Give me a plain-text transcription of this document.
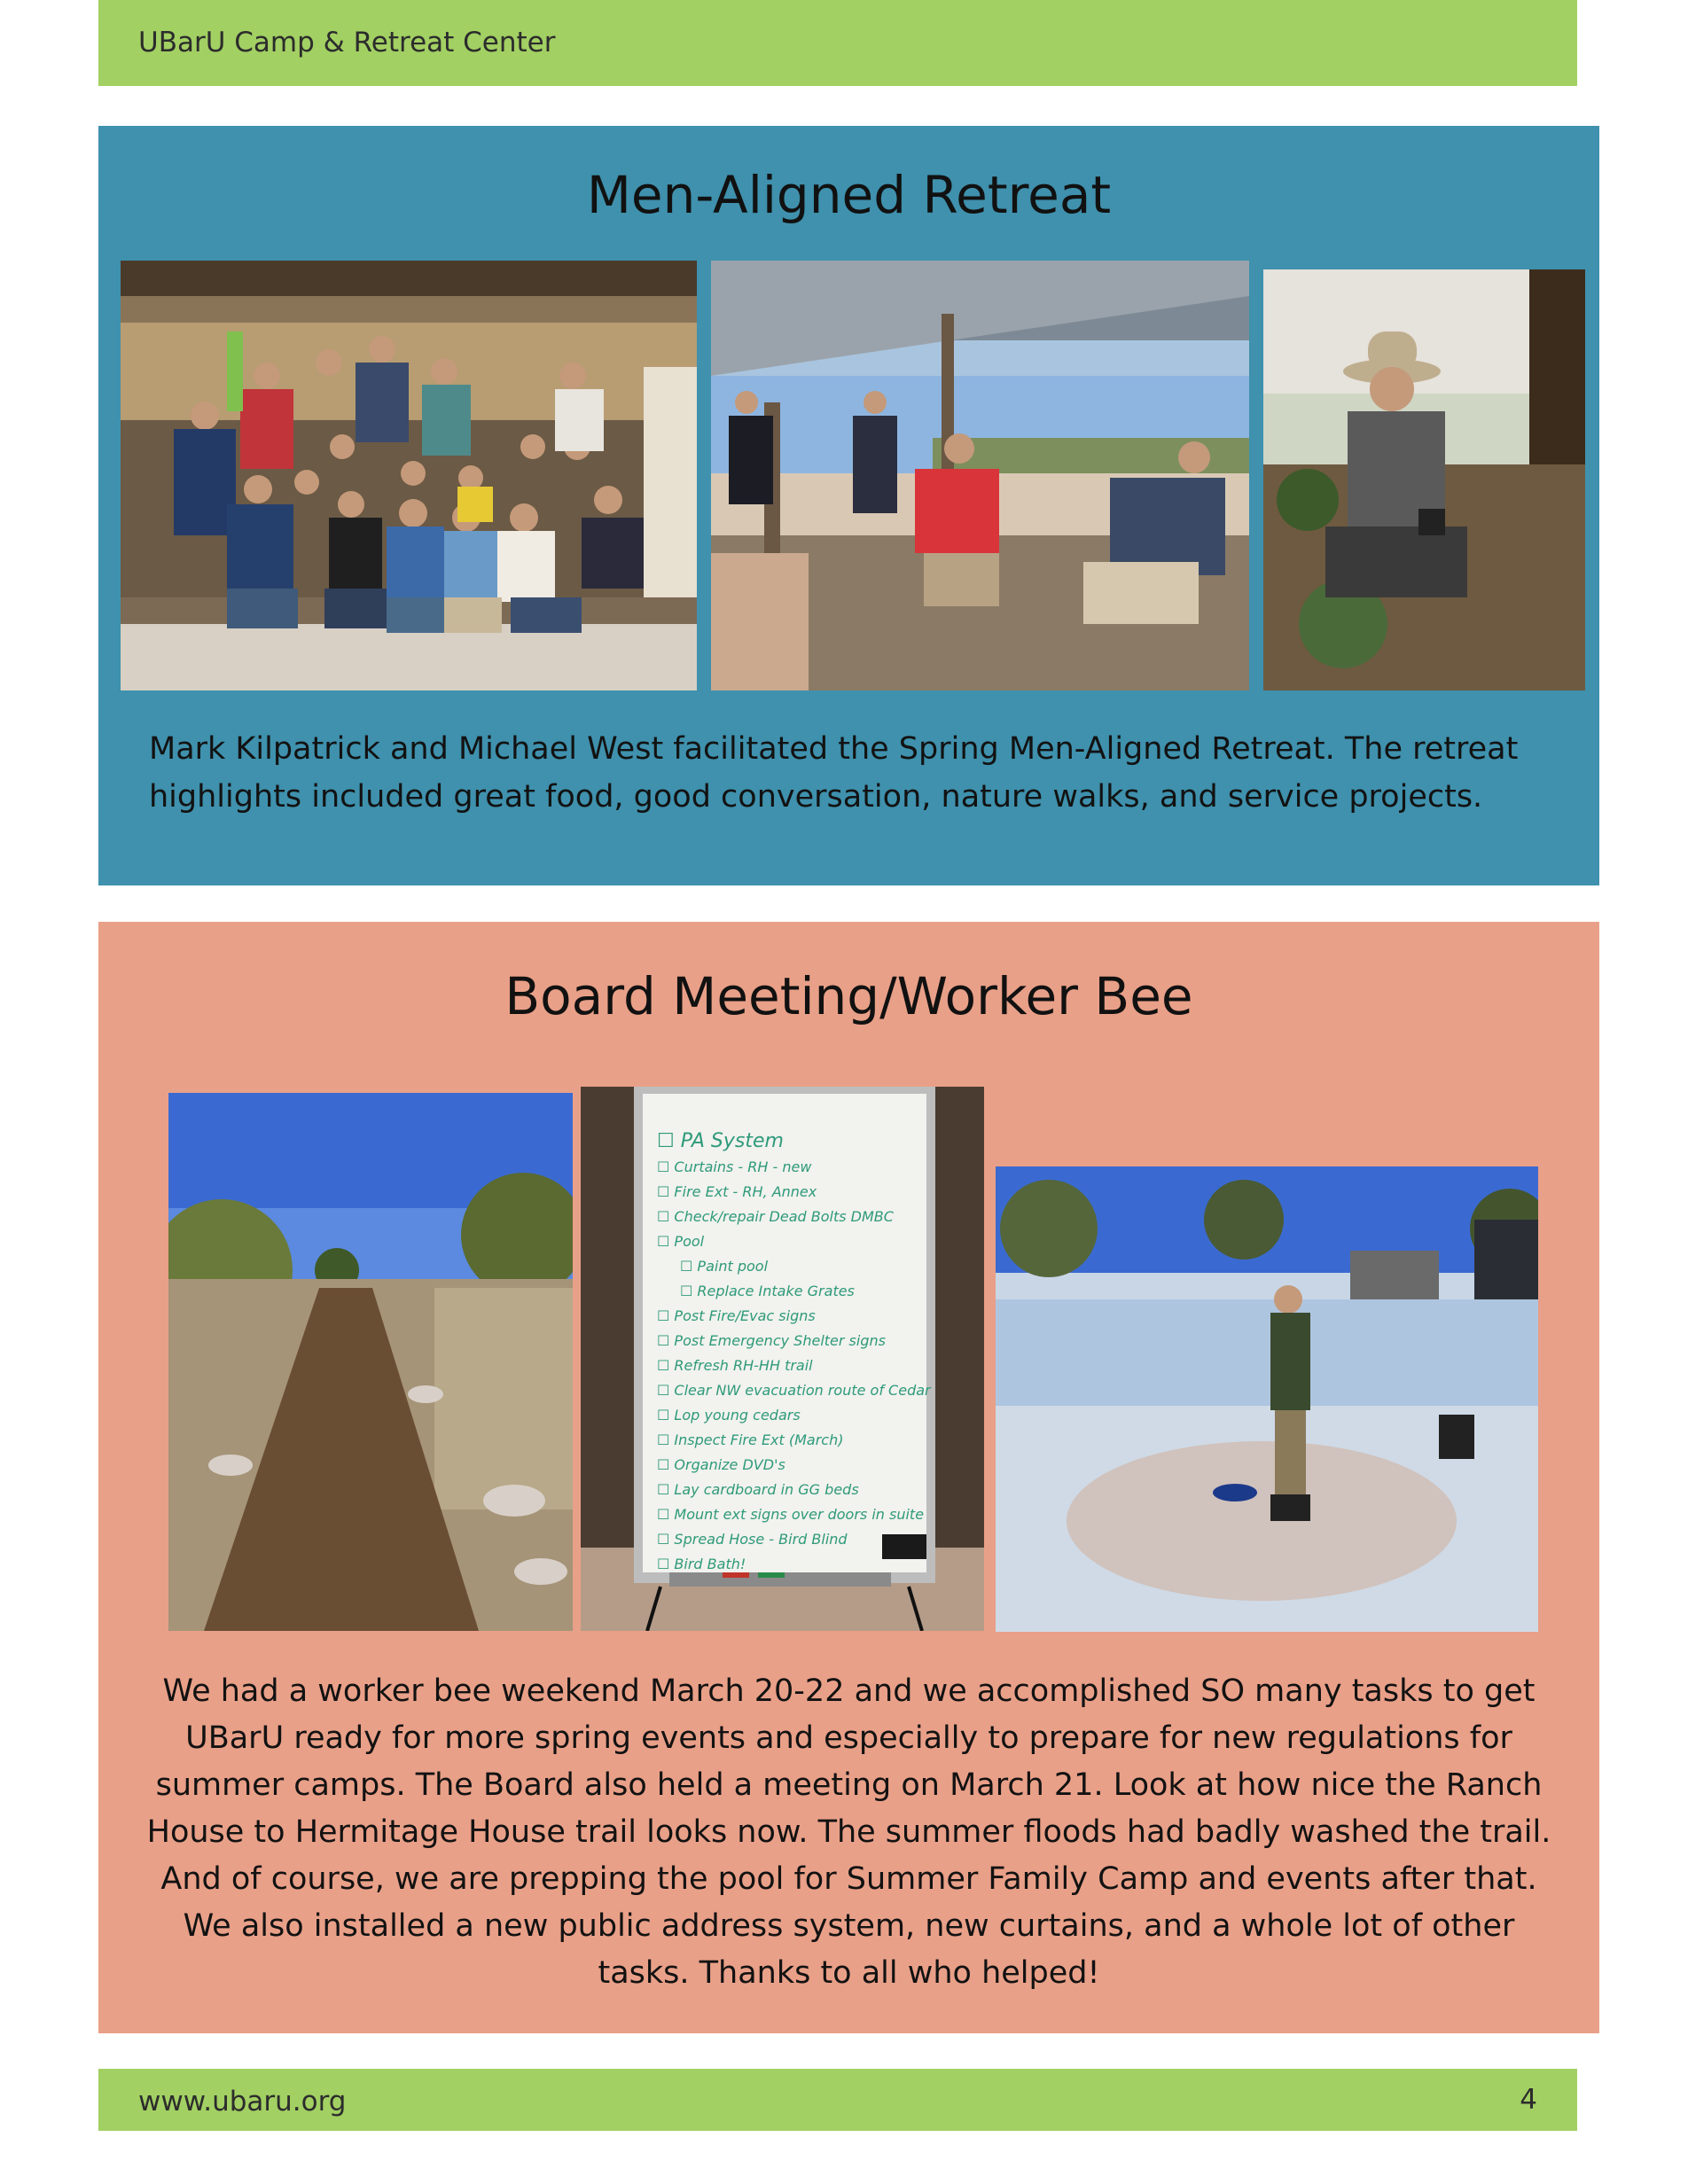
UBarU Camp & Retreat Center
Men-Aligned Retreat

Mark Kilpatrick and Michael West facilitated the Spring Men-Aligned Retreat. The retreat highlights included great food, good conversation, nature walks, and service projects.

Board Meeting/Worker Bee
☐ PA System
☐ Curtains - RH - new
☐ Fire Ext - RH, Annex
☐ Check/repair Dead Bolts DMBC
☐ Pool
☐ Paint pool
☐ Replace Intake Grates
☐ Post Fire/Evac signs
☐ Post Emergency Shelter signs
☐ Refresh RH-HH trail
☐ Clear NW evacuation route of Cedar
☐ Lop young cedars
☐ Inspect Fire Ext (March)
☐ Organize DVD's
☐ Lay cardboard in GG beds
☐ Mount ext signs over doors in suite
☐ Spread Hose - Bird Blind
☐ Bird Bath!

We had a worker bee weekend March 20-22 and we accomplished SO many tasks to get UBarU ready for more spring events and especially to prepare for new regulations for summer camps. The Board also held a meeting on March 21. Look at how nice the Ranch House to Hermitage House trail looks now. The summer floods had badly washed the trail. And of course, we are prepping the pool for Summer Family Camp and events after that. We also installed a new public address system, new curtains, and a whole lot of other tasks. Thanks to all who helped!

www.ubaru.org	4
